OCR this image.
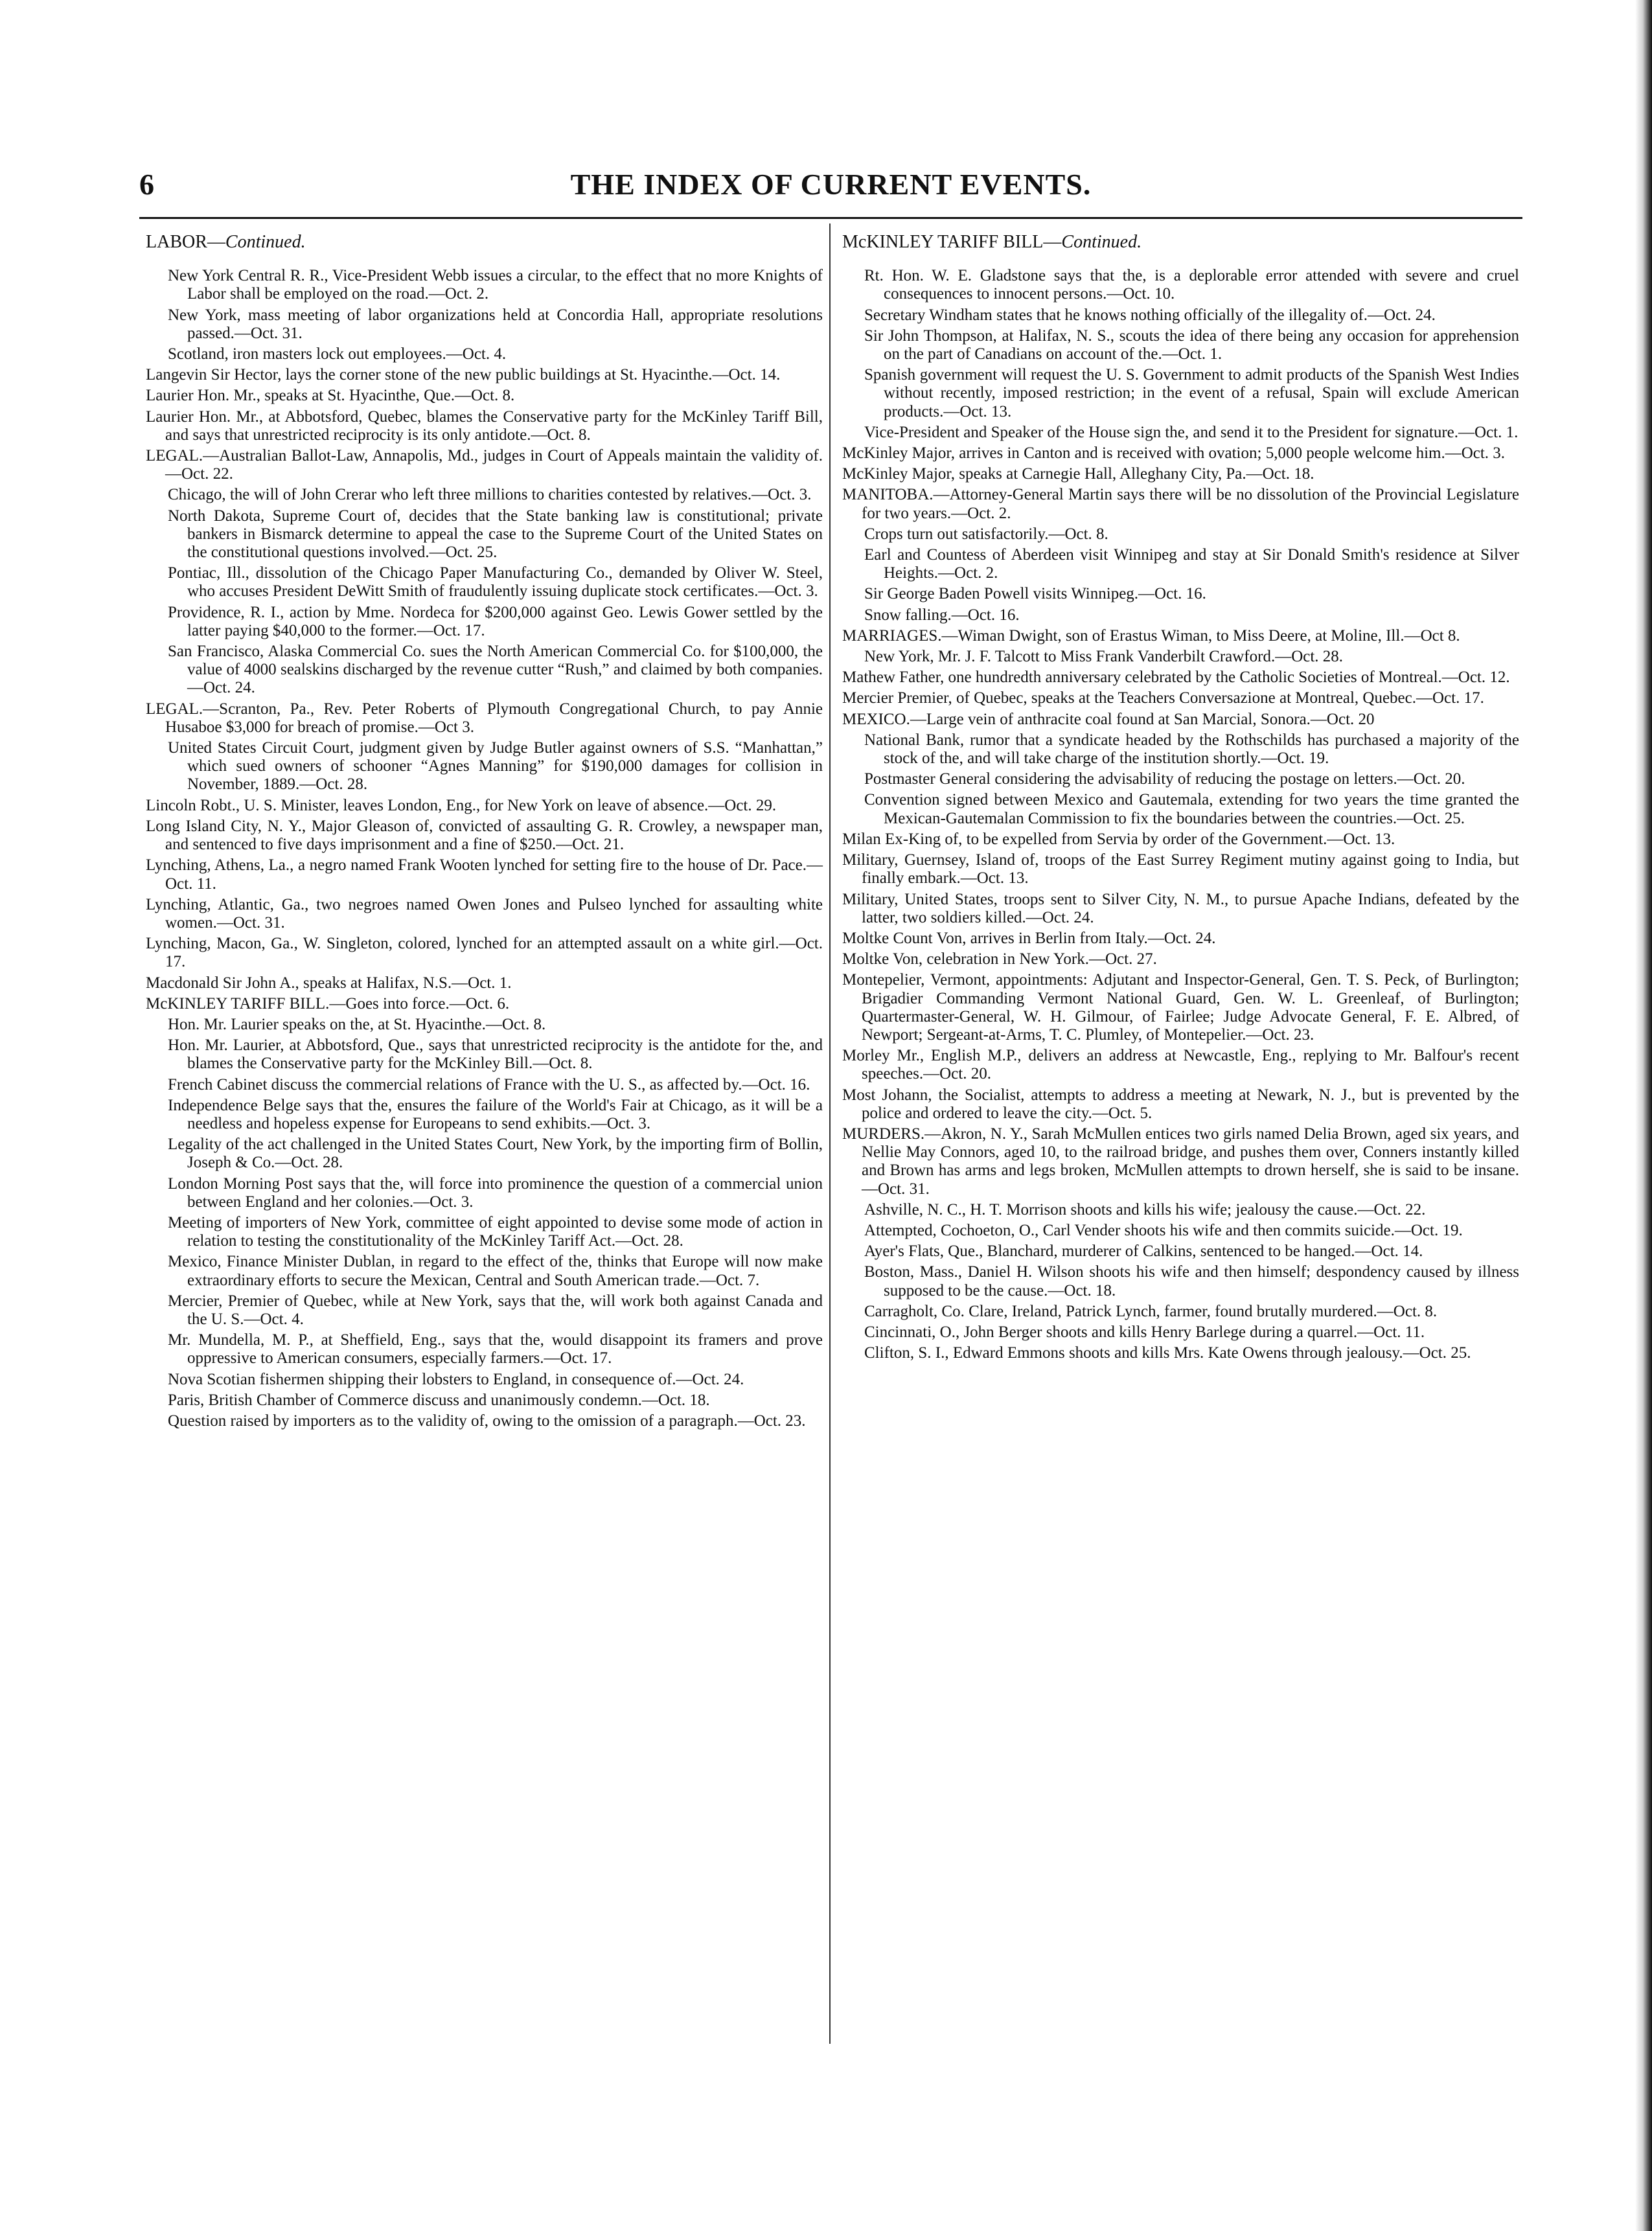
6	THE INDEX OF CURRENT EVENTS.
LABOR—Continued.

New York Central R. R., Vice-President Webb issues a circular, to the effect that no more Knights of Labor shall be employed on the road.—Oct. 2.

New York, mass meeting of labor organizations held at Concordia Hall, appropriate resolutions passed.—Oct. 31.

Scotland, iron masters lock out employees.—Oct. 4.

Langevin Sir Hector, lays the corner stone of the new public buildings at St. Hyacinthe.—Oct. 14.

Laurier Hon. Mr., speaks at St. Hyacinthe, Que.—Oct. 8.

Laurier Hon. Mr., at Abbotsford, Quebec, blames the Conservative party for the McKinley Tariff Bill, and says that unrestricted reciprocity is its only antidote.—Oct. 8.

LEGAL.—Australian Ballot-Law, Annapolis, Md., judges in Court of Appeals maintain the validity of.—Oct. 22.

Chicago, the will of John Crerar who left three millions to charities contested by relatives.—Oct. 3.

North Dakota, Supreme Court of, decides that the State banking law is constitutional; private bankers in Bismarck determine to appeal the case to the Supreme Court of the United States on the constitutional questions involved.—Oct. 25.

Pontiac, Ill., dissolution of the Chicago Paper Manufacturing Co., demanded by Oliver W. Steel, who accuses President DeWitt Smith of fraudulently issuing duplicate stock certificates.—Oct. 3.

Providence, R. I., action by Mme. Nordeca for $200,000 against Geo. Lewis Gower settled by the latter paying $40,000 to the former.—Oct. 17.

San Francisco, Alaska Commercial Co. sues the North American Commercial Co. for $100,000, the value of 4000 sealskins discharged by the revenue cutter “Rush,” and claimed by both companies.—Oct. 24.

LEGAL.—Scranton, Pa., Rev. Peter Roberts of Plymouth Congregational Church, to pay Annie Husaboe $3,000 for breach of promise.—Oct 3.

United States Circuit Court, judgment given by Judge Butler against owners of S.S. “Manhattan,” which sued owners of schooner “Agnes Manning” for $190,000 damages for collision in November, 1889.—Oct. 28.

Lincoln Robt., U. S. Minister, leaves London, Eng., for New York on leave of absence.—Oct. 29.

Long Island City, N. Y., Major Gleason of, convicted of assaulting G. R. Crowley, a newspaper man, and sentenced to five days imprisonment and a fine of $250.—Oct. 21.

Lynching, Athens, La., a negro named Frank Wooten lynched for setting fire to the house of Dr. Pace.—Oct. 11.

Lynching, Atlantic, Ga., two negroes named Owen Jones and Pulseo lynched for assaulting white women.—Oct. 31.

Lynching, Macon, Ga., W. Singleton, colored, lynched for an attempted assault on a white girl.—Oct. 17.

Macdonald Sir John A., speaks at Halifax, N.S.—Oct. 1.

McKINLEY TARIFF BILL.—Goes into force.—Oct. 6.

Hon. Mr. Laurier speaks on the, at St. Hyacinthe.—Oct. 8.

Hon. Mr. Laurier, at Abbotsford, Que., says that unrestricted reciprocity is the antidote for the, and blames the Conservative party for the McKinley Bill.—Oct. 8.

French Cabinet discuss the commercial relations of France with the U. S., as affected by.—Oct. 16.

Independence Belge says that the, ensures the failure of the World's Fair at Chicago, as it will be a needless and hopeless expense for Europeans to send exhibits.—Oct. 3.

Legality of the act challenged in the United States Court, New York, by the importing firm of Bollin, Joseph & Co.—Oct. 28.

London Morning Post says that the, will force into prominence the question of a commercial union between England and her colonies.—Oct. 3.

Meeting of importers of New York, committee of eight appointed to devise some mode of action in relation to testing the constitutionality of the McKinley Tariff Act.—Oct. 28.

Mexico, Finance Minister Dublan, in regard to the effect of the, thinks that Europe will now make extraordinary efforts to secure the Mexican, Central and South American trade.—Oct. 7.

Mercier, Premier of Quebec, while at New York, says that the, will work both against Canada and the U. S.—Oct. 4.

Mr. Mundella, M. P., at Sheffield, Eng., says that the, would disappoint its framers and prove oppressive to American consumers, especially farmers.—Oct. 17.

Nova Scotian fishermen shipping their lobsters to England, in consequence of.—Oct. 24.

Paris, British Chamber of Commerce discuss and unanimously condemn.—Oct. 18.

Question raised by importers as to the validity of, owing to the omission of a paragraph.—Oct. 23.

McKINLEY TARIFF BILL—Continued.

Rt. Hon. W. E. Gladstone says that the, is a deplorable error attended with severe and cruel consequences to innocent persons.—Oct. 10.

Secretary Windham states that he knows nothing officially of the illegality of.—Oct. 24.

Sir John Thompson, at Halifax, N. S., scouts the idea of there being any occasion for apprehension on the part of Canadians on account of the.—Oct. 1.

Spanish government will request the U. S. Government to admit products of the Spanish West Indies without recently, imposed restriction; in the event of a refusal, Spain will exclude American products.—Oct. 13.

Vice-President and Speaker of the House sign the, and send it to the President for signature.—Oct. 1.

McKinley Major, arrives in Canton and is received with ovation; 5,000 people welcome him.—Oct. 3.

McKinley Major, speaks at Carnegie Hall, Alleghany City, Pa.—Oct. 18.

MANITOBA.—Attorney-General Martin says there will be no dissolution of the Provincial Legislature for two years.—Oct. 2.

Crops turn out satisfactorily.—Oct. 8.

Earl and Countess of Aberdeen visit Winnipeg and stay at Sir Donald Smith's residence at Silver Heights.—Oct. 2.

Sir George Baden Powell visits Winnipeg.—Oct. 16.

Snow falling.—Oct. 16.

MARRIAGES.—Wiman Dwight, son of Erastus Wiman, to Miss Deere, at Moline, Ill.—Oct 8.

New York, Mr. J. F. Talcott to Miss Frank Vanderbilt Crawford.—Oct. 28.

Mathew Father, one hundredth anniversary celebrated by the Catholic Societies of Montreal.—Oct. 12.

Mercier Premier, of Quebec, speaks at the Teachers Conversazione at Montreal, Quebec.—Oct. 17.

MEXICO.—Large vein of anthracite coal found at San Marcial, Sonora.—Oct. 20

National Bank, rumor that a syndicate headed by the Rothschilds has purchased a majority of the stock of the, and will take charge of the institution shortly.—Oct. 19.

Postmaster General considering the advisability of reducing the postage on letters.—Oct. 20.

Convention signed between Mexico and Gautemala, extending for two years the time granted the Mexican-Gautemalan Commission to fix the boundaries between the countries.—Oct. 25.

Milan Ex-King of, to be expelled from Servia by order of the Government.—Oct. 13.

Military, Guernsey, Island of, troops of the East Surrey Regiment mutiny against going to India, but finally embark.—Oct. 13.

Military, United States, troops sent to Silver City, N. M., to pursue Apache Indians, defeated by the latter, two soldiers killed.—Oct. 24.

Moltke Count Von, arrives in Berlin from Italy.—Oct. 24.

Moltke Von, celebration in New York.—Oct. 27.

Montepelier, Vermont, appointments: Adjutant and Inspector-General, Gen. T. S. Peck, of Burlington; Brigadier Commanding Vermont National Guard, Gen. W. L. Greenleaf, of Burlington; Quartermaster-General, W. H. Gilmour, of Fairlee; Judge Advocate General, F. E. Albred, of Newport; Sergeant-at-Arms, T. C. Plumley, of Montepelier.—Oct. 23.

Morley Mr., English M.P., delivers an address at Newcastle, Eng., replying to Mr. Balfour's recent speeches.—Oct. 20.

Most Johann, the Socialist, attempts to address a meeting at Newark, N. J., but is prevented by the police and ordered to leave the city.—Oct. 5.

MURDERS.—Akron, N. Y., Sarah McMullen entices two girls named Delia Brown, aged six years, and Nellie May Connors, aged 10, to the railroad bridge, and pushes them over, Conners instantly killed and Brown has arms and legs broken, McMullen attempts to drown herself, she is said to be insane.—Oct. 31.

Ashville, N. C., H. T. Morrison shoots and kills his wife; jealousy the cause.—Oct. 22.

Attempted, Cochoeton, O., Carl Vender shoots his wife and then commits suicide.—Oct. 19.

Ayer's Flats, Que., Blanchard, murderer of Calkins, sentenced to be hanged.—Oct. 14.

Boston, Mass., Daniel H. Wilson shoots his wife and then himself; despondency caused by illness supposed to be the cause.—Oct. 18.

Carragholt, Co. Clare, Ireland, Patrick Lynch, farmer, found brutally murdered.—Oct. 8.

Cincinnati, O., John Berger shoots and kills Henry Barlege during a quarrel.—Oct. 11.

Clifton, S. I., Edward Emmons shoots and kills Mrs. Kate Owens through jealousy.—Oct. 25.
